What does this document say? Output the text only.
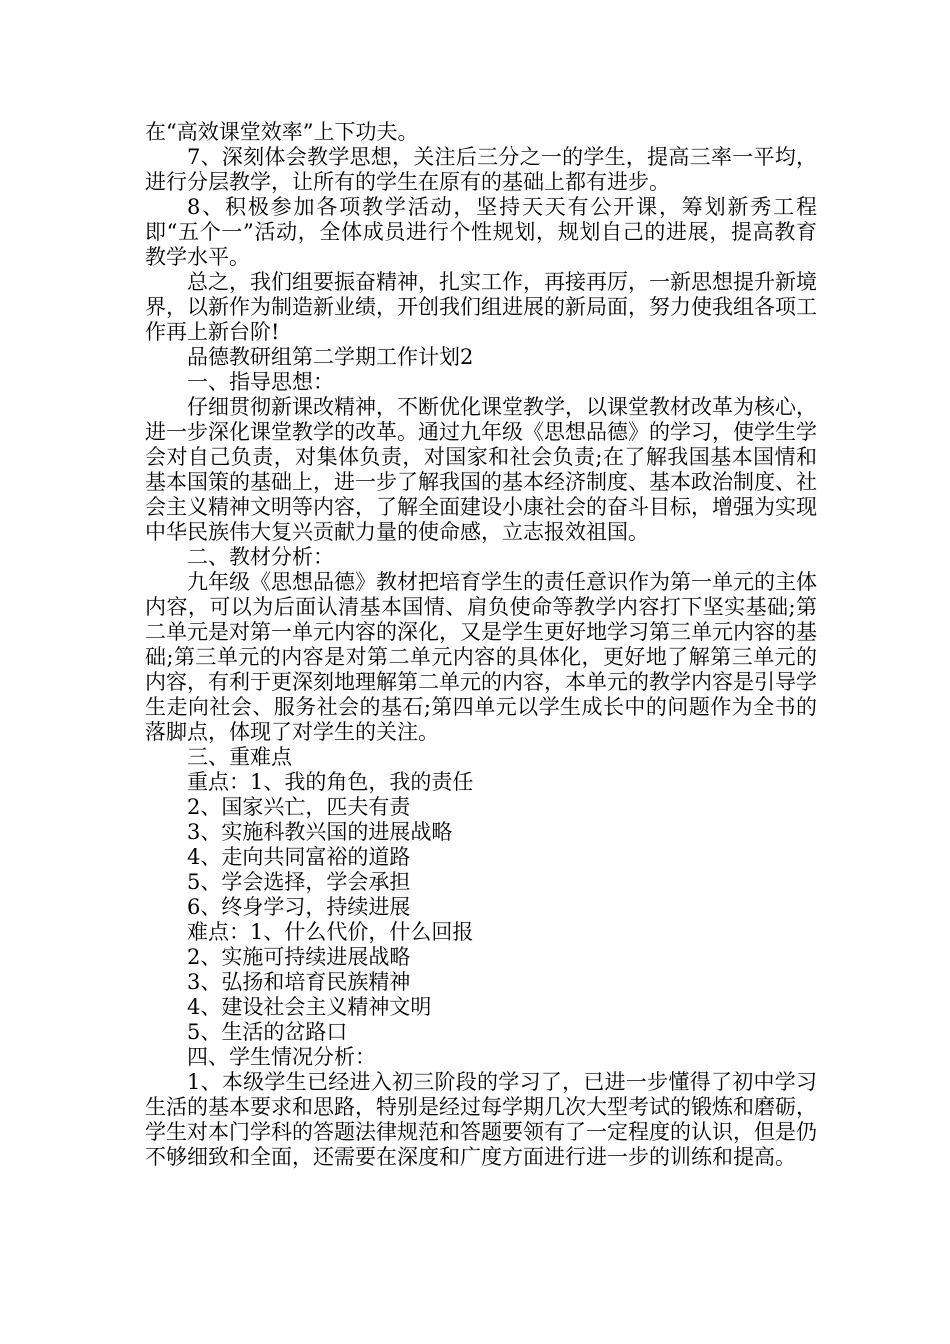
在“高效课堂效率”上下功夫。

7、深刻体会教学思想，关注后三分之一的学生，提高三率一平均，进行分层教学，让所有的学生在原有的基础上都有进步。

8、积极参加各项教学活动，坚持天天有公开课，筹划新秀工程即“五个一”活动，全体成员进行个性规划，规划自己的进展，提高教育教学水平。

总之，我们组要振奋精神，扎实工作，再接再厉，一新思想提升新境界，以新作为制造新业绩，开创我们组进展的新局面，努力使我组各项工作再上新台阶!

品德教研组第二学期工作计划2

一、指导思想：

仔细贯彻新课改精神，不断优化课堂教学，以课堂教材改革为核心，进一步深化课堂教学的改革。通过九年级《思想品德》的学习，使学生学会对自己负责，对集体负责，对国家和社会负责;在了解我国基本国情和基本国策的基础上，进一步了解我国的基本经济制度、基本政治制度、社会主义精神文明等内容，了解全面建设小康社会的奋斗目标，增强为实现中华民族伟大复兴贡献力量的使命感，立志报效祖国。

二、教材分析：

九年级《思想品德》教材把培育学生的责任意识作为第一单元的主体内容，可以为后面认清基本国情、肩负使命等教学内容打下坚实基础;第二单元是对第一单元内容的深化，又是学生更好地学习第三单元内容的基础;第三单元的内容是对第二单元内容的具体化，更好地了解第三单元的内容，有利于更深刻地理解第二单元的内容，本单元的教学内容是引导学生走向社会、服务社会的基石;第四单元以学生成长中的问题作为全书的落脚点，体现了对学生的关注。

三、重难点

重点：1、我的角色，我的责任

2、国家兴亡，匹夫有责

3、实施科教兴国的进展战略

4、走向共同富裕的道路

5、学会选择，学会承担

6、终身学习，持续进展

难点：1、什么代价，什么回报

2、实施可持续进展战略

3、弘扬和培育民族精神

4、建设社会主义精神文明

5、生活的岔路口

四、学生情况分析：

1、本级学生已经进入初三阶段的学习了，已进一步懂得了初中学习生活的基本要求和思路，特别是经过每学期几次大型考试的锻炼和磨砺，学生对本门学科的答题法律规范和答题要领有了一定程度的认识，但是仍不够细致和全面，还需要在深度和广度方面进行进一步的训练和提高。
